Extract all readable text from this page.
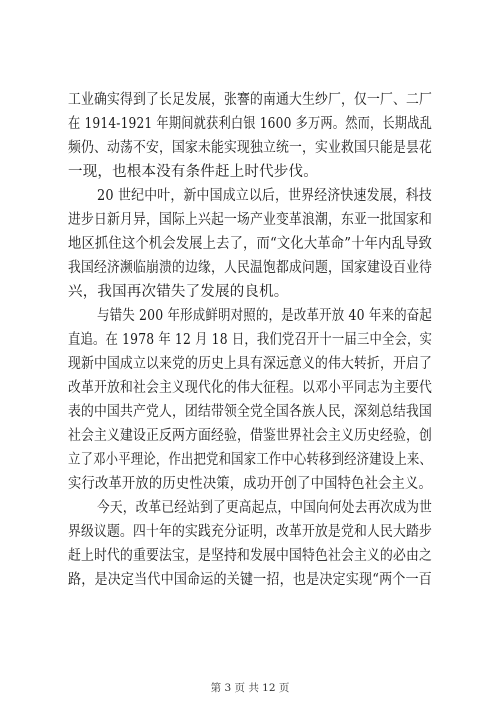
工业确实得到了长足发展，张謇的南通大生纱厂，仅一厂、二厂
在 1914-1921 年期间就获利白银 1600 多万两。然而，长期战乱
频仍、动荡不安，国家未能实现独立统一，实业救国只能是昙花
一现，也根本没有条件赶上时代步伐。

20 世纪中叶，新中国成立以后，世界经济快速发展，科技
进步日新月异，国际上兴起一场产业变革浪潮，东亚一批国家和
地区抓住这个机会发展上去了，而“文化大革命”十年内乱导致
我国经济濒临崩溃的边缘，人民温饱都成问题，国家建设百业待
兴，我国再次错失了发展的良机。

与错失 200 年形成鲜明对照的，是改革开放 40 年来的奋起
直追。在 1978 年 12 月 18 日，我们党召开十一届三中全会，实
现新中国成立以来党的历史上具有深远意义的伟大转折，开启了
改革开放和社会主义现代化的伟大征程。以邓小平同志为主要代
表的中国共产党人，团结带领全党全国各族人民，深刻总结我国
社会主义建设正反两方面经验，借鉴世界社会主义历史经验，创
立了邓小平理论，作出把党和国家工作中心转移到经济建设上来、
实行改革开放的历史性决策，成功开创了中国特色社会主义。

今天，改革已经站到了更高起点，中国向何处去再次成为世
界级议题。四十年的实践充分证明，改革开放是党和人民大踏步
赶上时代的重要法宝，是坚持和发展中国特色社会主义的必由之
路，是决定当代中国命运的关键一招，也是决定实现“两个一百

第 3 页 共 12 页
